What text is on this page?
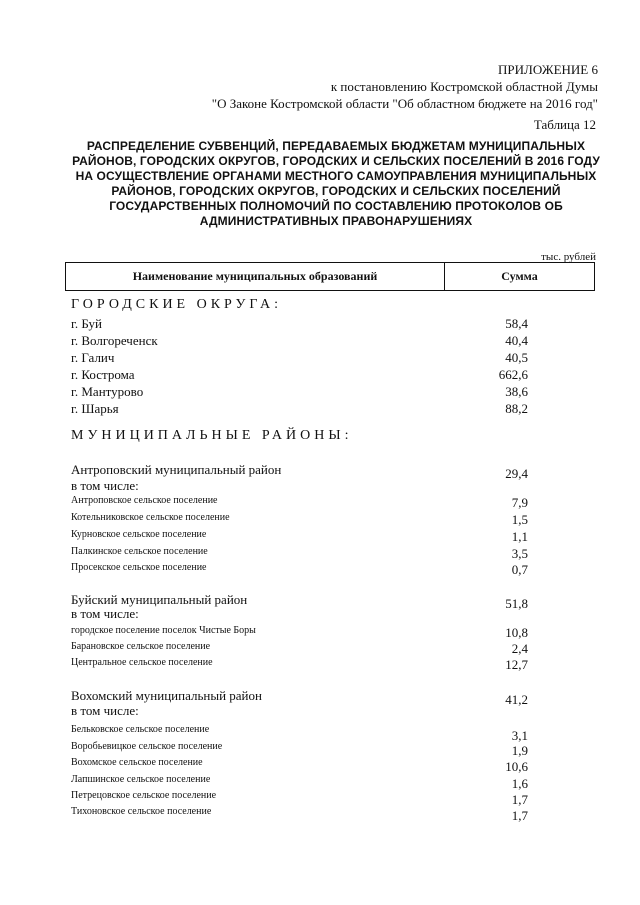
ПРИЛОЖЕНИЕ 6
к постановлению Костромской областной Думы
"О Законе Костромской области "Об областном бюджете на 2016 год"
Таблица 12
РАСПРЕДЕЛЕНИЕ СУБВЕНЦИЙ, ПЕРЕДАВАЕМЫХ БЮДЖЕТАМ МУНИЦИПАЛЬНЫХ
РАЙОНОВ, ГОРОДСКИХ ОКРУГОВ, ГОРОДСКИХ И СЕЛЬСКИХ ПОСЕЛЕНИЙ В 2016 ГОДУ
НА ОСУЩЕСТВЛЕНИЕ ОРГАНАМИ МЕСТНОГО САМОУПРАВЛЕНИЯ МУНИЦИПАЛЬНЫХ
РАЙОНОВ, ГОРОДСКИХ ОКРУГОВ, ГОРОДСКИХ И СЕЛЬСКИХ ПОСЕЛЕНИЙ
ГОСУДАРСТВЕННЫХ ПОЛНОМОЧИЙ ПО СОСТАВЛЕНИЮ ПРОТОКОЛОВ ОБ
АДМИНИСТРАТИВНЫХ ПРАВОНАРУШЕНИЯХ
тыс. рублей
Наименование муниципальных образований	Сумма
ГОРОДСКИЕ ОКРУГА:
г. Буй	58,4
г. Волгореченск	40,4
г. Галич	40,5
г. Кострома	662,6
г. Мантурово	38,6
г. Шарья	88,2
МУНИЦИПАЛЬНЫЕ РАЙОНЫ:
Антроповский муниципальный район	29,4
в том числе:
Антроповское сельское поселение	7,9
Котельниковское сельское поселение	1,5
Курновское сельское поселение	1,1
Палкинское сельское поселение	3,5
Просекское сельское поселение	0,7
Буйский муниципальный район	51,8
в том числе:
городское поселение поселок Чистые Боры	10,8
Барановское сельское поселение	2,4
Центральное сельское поселение	12,7
Вохомский муниципальный район	41,2
в том числе:
Бельковское сельское поселение	3,1
Воробьевицкое сельское поселение	1,9
Вохомское сельское поселение	10,6
Лапшинское сельское поселение	1,6
Петрецовское сельское поселение	1,7
Тихоновское сельское поселение	1,7
